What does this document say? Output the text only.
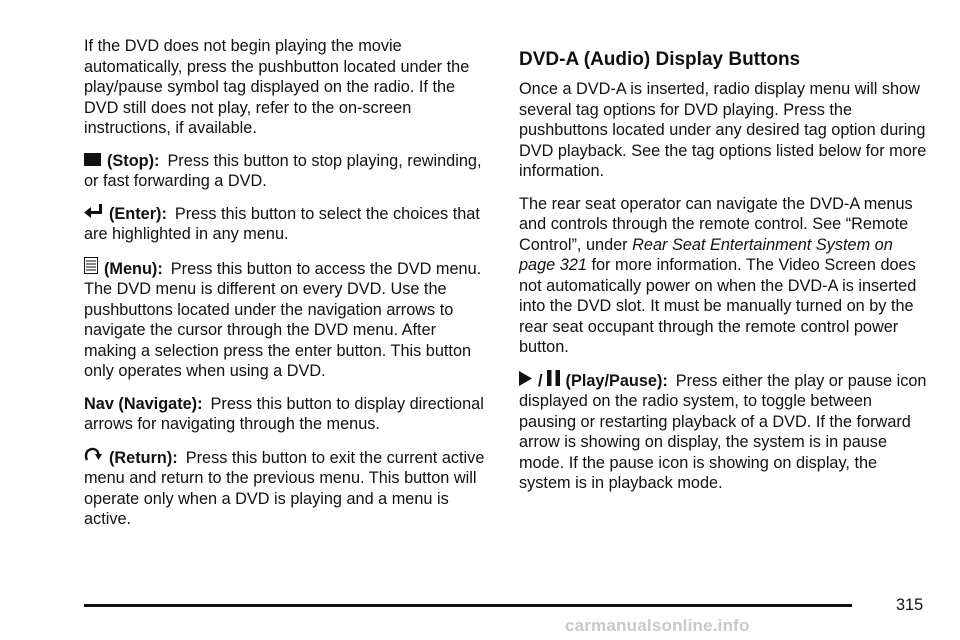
If the DVD does not begin playing the movie automatically, press the pushbutton located under the play/pause symbol tag displayed on the radio. If the DVD still does not play, refer to the on-screen instructions, if available.

(Stop): Press this button to stop playing, rewinding, or fast forwarding a DVD.

(Enter): Press this button to select the choices that are highlighted in any menu.

(Menu): Press this button to access the DVD menu. The DVD menu is different on every DVD. Use the pushbuttons located under the navigation arrows to navigate the cursor through the DVD menu. After making a selection press the enter button. This button only operates when using a DVD.

Nav (Navigate): Press this button to display directional arrows for navigating through the menus.

(Return): Press this button to exit the current active menu and return to the previous menu. This button will operate only when a DVD is playing and a menu is active.

DVD-A (Audio) Display Buttons

Once a DVD-A is inserted, radio display menu will show several tag options for DVD playing. Press the pushbuttons located under any desired tag option during DVD playback. See the tag options listed below for more information.

The rear seat operator can navigate the DVD-A menus and controls through the remote control. See “Remote Control”, under Rear Seat Entertainment System on page 321 for more information. The Video Screen does not automatically power on when the DVD-A is inserted into the DVD slot. It must be manually turned on by the rear seat occupant through the remote control power button.

/ (Play/Pause): Press either the play or pause icon displayed on the radio system, to toggle between pausing or restarting playback of a DVD. If the forward arrow is showing on display, the system is in pause mode. If the pause icon is showing on display, the system is in playback mode.

315
carmanualsonline.info
